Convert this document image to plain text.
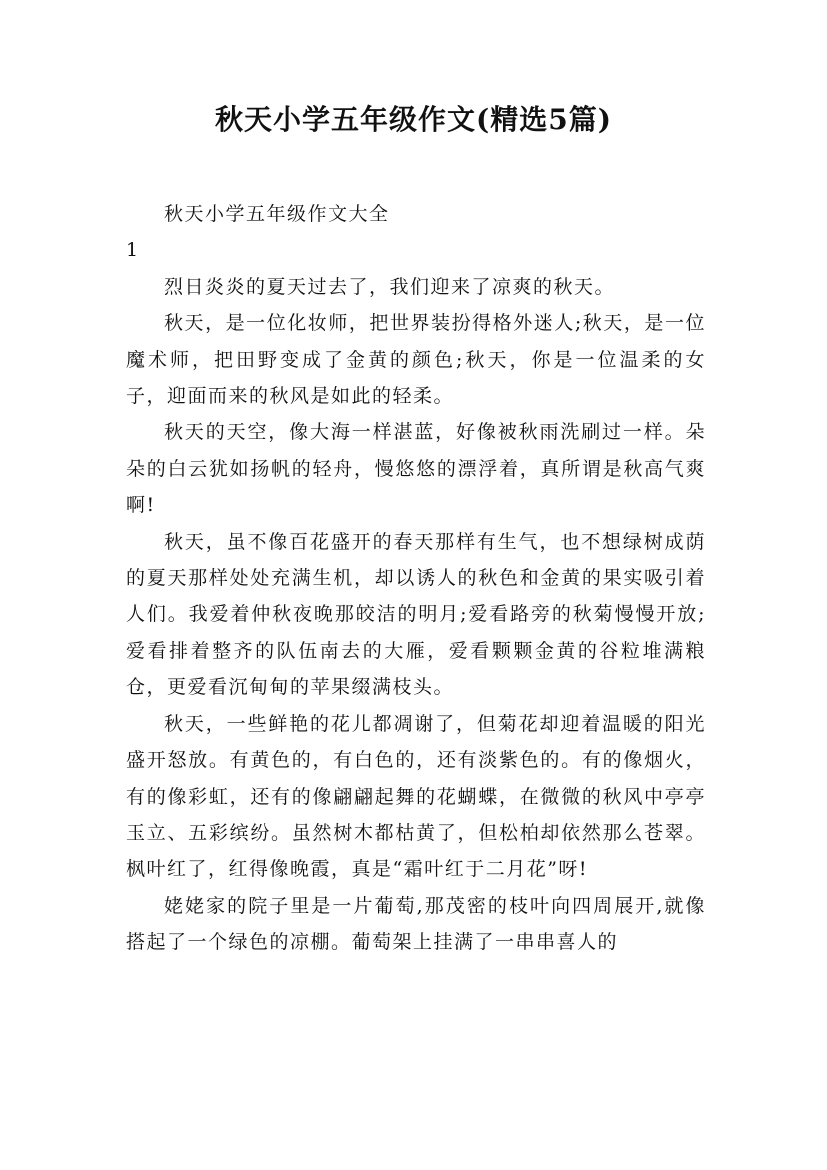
秋天小学五年级作文(精选5篇)

秋天小学五年级作文大全

1

烈日炎炎的夏天过去了，我们迎来了凉爽的秋天。

秋天，是一位化妆师，把世界装扮得格外迷人;秋天，是一位魔术师，把田野变成了金黄的颜色;秋天，你是一位温柔的女子，迎面而来的秋风是如此的轻柔。

秋天的天空，像大海一样湛蓝，好像被秋雨洗刷过一样。朵朵的白云犹如扬帆的轻舟，慢悠悠的漂浮着，真所谓是秋高气爽啊!

秋天，虽不像百花盛开的春天那样有生气，也不想绿树成荫的夏天那样处处充满生机，却以诱人的秋色和金黄的果实吸引着人们。我爱着仲秋夜晚那皎洁的明月;爱看路旁的秋菊慢慢开放;爱看排着整齐的队伍南去的大雁，爱看颗颗金黄的谷粒堆满粮仓，更爱看沉甸甸的苹果缀满枝头。

秋天，一些鲜艳的花儿都凋谢了，但菊花却迎着温暖的阳光盛开怒放。有黄色的，有白色的，还有淡紫色的。有的像烟火，有的像彩虹，还有的像翩翩起舞的花蝴蝶，在微微的秋风中亭亭玉立、五彩缤纷。虽然树木都枯黄了，但松柏却依然那么苍翠。枫叶红了，红得像晚霞，真是“霜叶红于二月花”呀!

姥姥家的院子里是一片葡萄,那茂密的枝叶向四周展开,就像搭起了一个绿色的凉棚。葡萄架上挂满了一串串喜人的
